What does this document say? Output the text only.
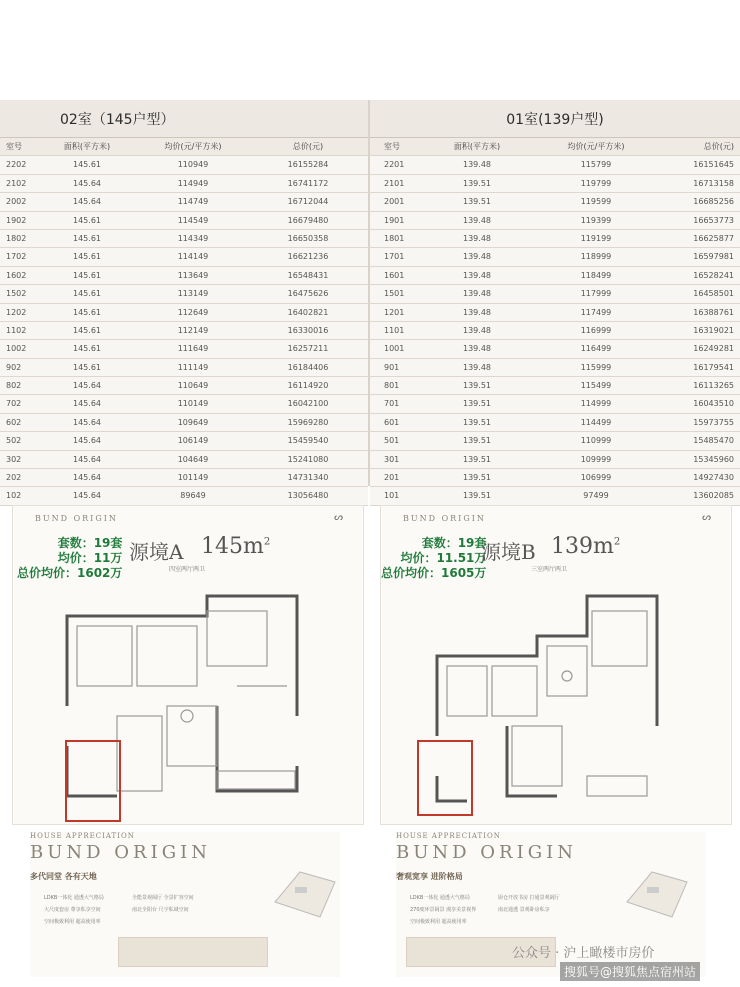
02室（145户型）
室号	面积(平方米)	均价(元/平方米)	总价(元)
2202	145.61	110949	16155284
2102	145.64	114949	16741172
2002	145.64	114749	16712044
1902	145.61	114549	16679480
1802	145.61	114349	16650358
1702	145.61	114149	16621236
1602	145.61	113649	16548431
1502	145.61	113149	16475626
1202	145.61	112649	16402821
1102	145.61	112149	16330016
1002	145.61	111649	16257211
902	145.61	111149	16184406
802	145.64	110649	16114920
702	145.64	110149	16042100
602	145.64	109649	15969280
502	145.64	106149	15459540
302	145.64	104649	15241080
202	145.64	101149	14731340
102	145.64	89649	13056480
01室(139户型)
室号	面积(平方米)	均价(元/平方米)	总价(元)
2201	139.48	115799	16151645
2101	139.51	119799	16713158
2001	139.51	119599	16685256
1901	139.48	119399	16653773
1801	139.48	119199	16625877
1701	139.48	118999	16597981
1601	139.48	118499	16528241
1501	139.48	117999	16458501
1201	139.48	117499	16388761
1101	139.48	116999	16319021
1001	139.48	116499	16249281
901	139.48	115999	16179541
801	139.51	115499	16113265
701	139.51	114999	16043510
601	139.51	114499	15973755
501	139.51	110999	15485470
301	139.51	109999	15345960
201	139.51	106999	14927430
101	139.51	97499	13602085
BUND ORIGIN	ᔕ
套数：19套
均价：11万
总价均价：1602万
源境A $145m^2$
四室两厅两卫
BUND ORIGIN	ᔕ
套数：19套
均价：11.51万
总价均价：1605万
源境B $139m^2$
三室两厅两卫
HOUSE APPRECIATION
BUND ORIGIN
多代同堂 各有天地
LDKB一体化 通透大气格局	全能景观阔厅 全景扩容空间
大尺度套房 尊享私享空间	南北全阳台 尺宇私域空间
空间极致利用 超高使用率
HOUSE APPRECIATION
BUND ORIGIN
奢观宽享 进阶格局
LDKB一体化 通透大气格局	厨仓开放书房 打通景观阔厅
270度环景阔景 漫享美景视界	南北通透 景观卧房私享
空间极致利用 超高使用率
公众号 · 沪上瞰楼市房价
搜狐号@搜狐焦点宿州站
